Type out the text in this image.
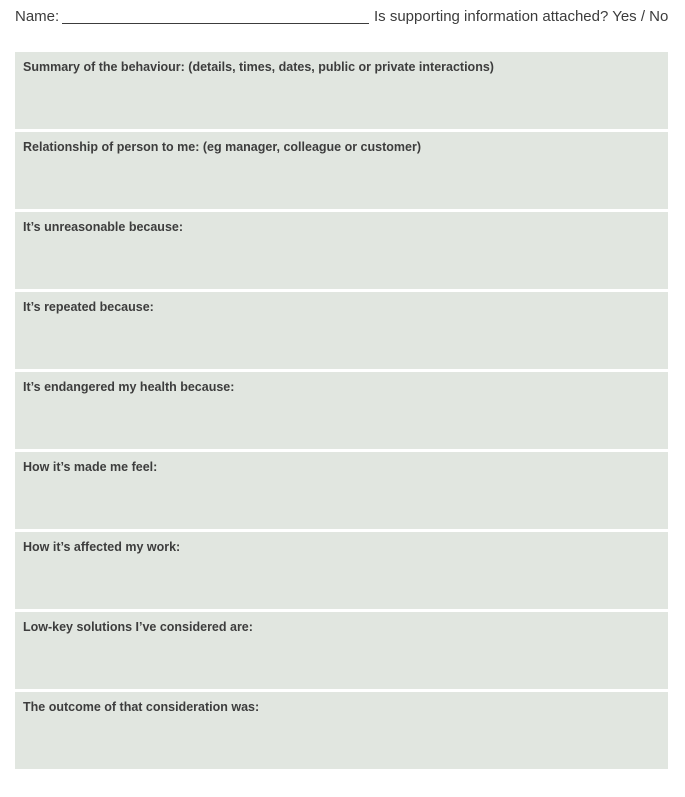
Name:	Is supporting information attached? Yes / No
Summary of the behaviour: (details, times, dates, public or private interactions)
Relationship of person to me: (eg manager, colleague or customer)
It’s unreasonable because:
It’s repeated because:
It’s endangered my health because:
How it’s made me feel:
How it’s affected my work:
Low-key solutions I’ve considered are:
The outcome of that consideration was:
